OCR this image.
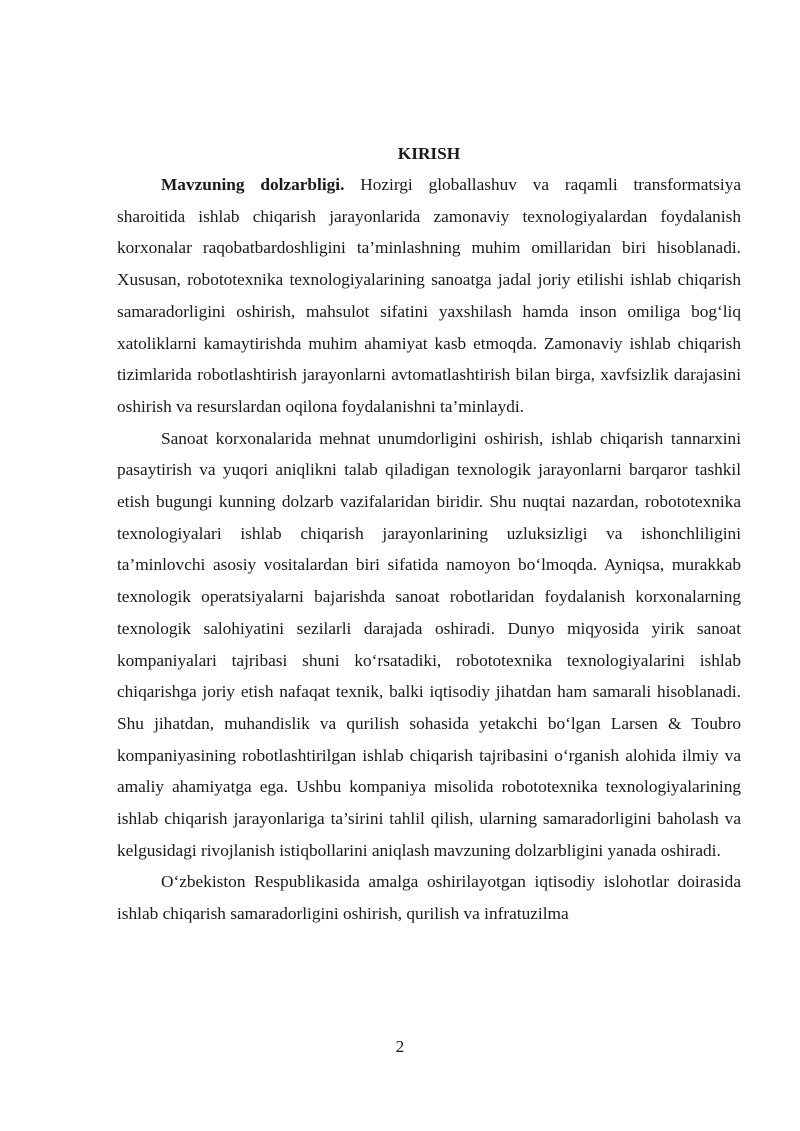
KIRISH

Mavzuning dolzarbligi. Hozirgi globallashuv va raqamli transformatsiya sharoitida ishlab chiqarish jarayonlarida zamonaviy texnologiyalardan foydalanish korxonalar raqobatbardoshligini ta’minlashning muhim omillaridan biri hisoblanadi. Xususan, robototexnika texnologiyalarining sanoatga jadal joriy etilishi ishlab chiqarish samaradorligini oshirish, mahsulot sifatini yaxshilash hamda inson omiliga bog‘liq xatoliklarni kamaytirishda muhim ahamiyat kasb etmoqda. Zamonaviy ishlab chiqarish tizimlarida robotlashtirish jarayonlarni avtomatlashtirish bilan birga, xavfsizlik darajasini oshirish va resurslardan oqilona foydalanishni ta’minlaydi.

Sanoat korxonalarida mehnat unumdorligini oshirish, ishlab chiqarish tannarxini pasaytirish va yuqori aniqlikni talab qiladigan texnologik jarayonlarni barqaror tashkil etish bugungi kunning dolzarb vazifalaridan biridir. Shu nuqtai nazardan, robototexnika texnologiyalari ishlab chiqarish jarayonlarining uzluksizligi va ishonchliligini ta’minlovchi asosiy vositalardan biri sifatida namoyon bo‘lmoqda. Ayniqsa, murakkab texnologik operatsiyalarni bajarishda sanoat robotlaridan foydalanish korxonalarning texnologik salohiyatini sezilarli darajada oshiradi. Dunyo miqyosida yirik sanoat kompaniyalari tajribasi shuni ko‘rsatadiki, robototexnika texnologiyalarini ishlab chiqarishga joriy etish nafaqat texnik, balki iqtisodiy jihatdan ham samarali hisoblanadi. Shu jihatdan, muhandislik va qurilish sohasida yetakchi bo‘lgan Larsen & Toubro kompaniyasining robotlashtirilgan ishlab chiqarish tajribasini o‘rganish alohida ilmiy va amaliy ahamiyatga ega. Ushbu kompaniya misolida robototexnika texnologiyalarining ishlab chiqarish jarayonlariga ta’sirini tahlil qilish, ularning samaradorligini baholash va kelgusidagi rivojlanish istiqbollarini aniqlash mavzuning dolzarbligini yanada oshiradi.

O‘zbekiston Respublikasida amalga oshirilayotgan iqtisodiy islohotlar doirasida ishlab chiqarish samaradorligini oshirish, qurilish va infratuzilma

2
